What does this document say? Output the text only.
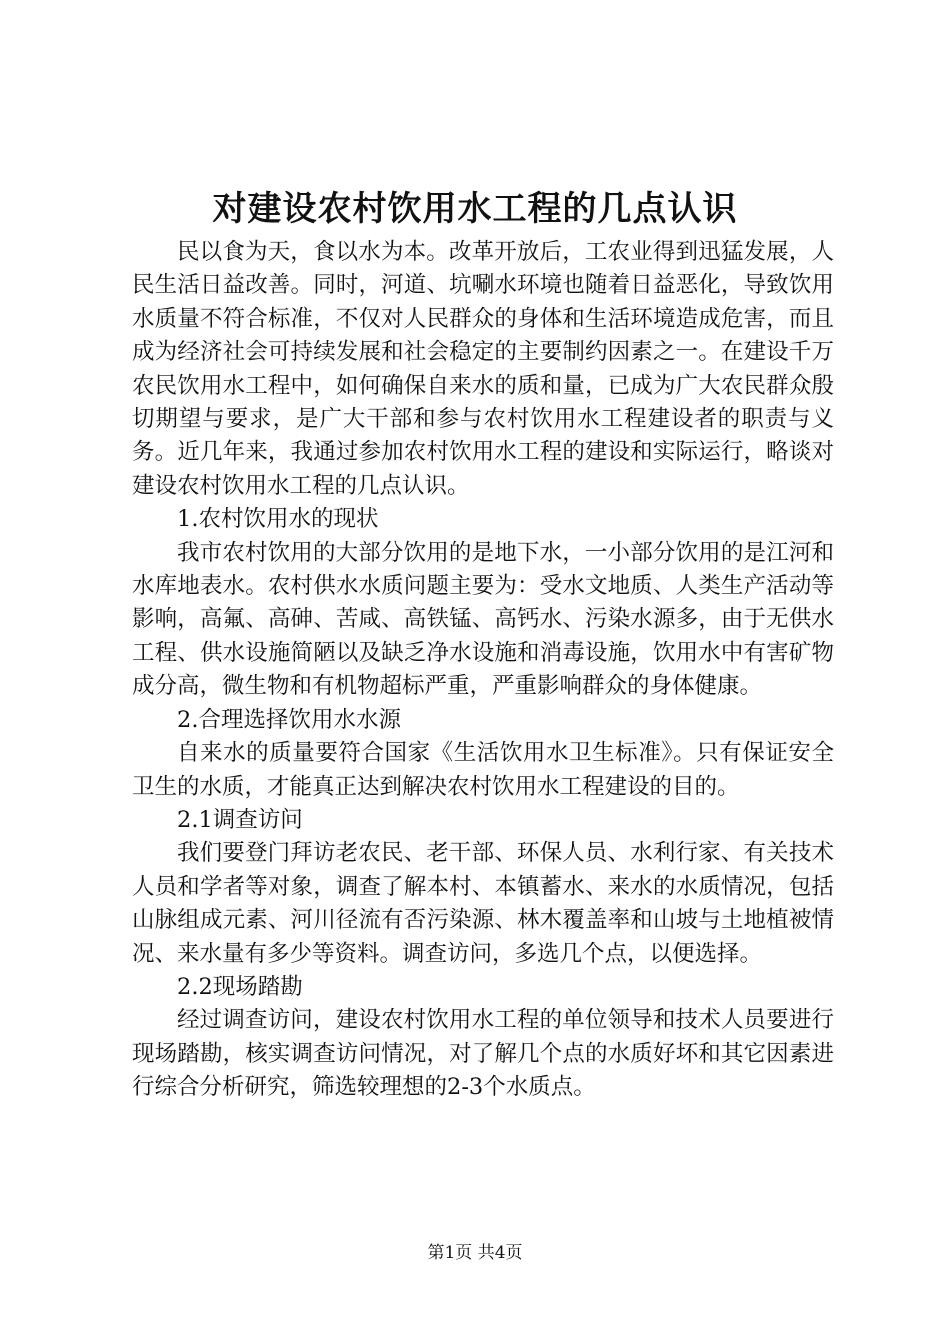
对建设农村饮用水工程的几点认识

民以食为天，食以水为本。改革开放后，工农业得到迅猛发展，人民生活日益改善。同时，河道、坑唰水环境也随着日益恶化，导致饮用水质量不符合标准，不仅对人民群众的身体和生活环境造成危害，而且成为经济社会可持续发展和社会稳定的主要制约因素之一。在建设千万农民饮用水工程中，如何确保自来水的质和量，已成为广大农民群众殷切期望与要求，是广大干部和参与农村饮用水工程建设者的职责与义务。近几年来，我通过参加农村饮用水工程的建设和实际运行，略谈对建设农村饮用水工程的几点认识。

1.农村饮用水的现状

我市农村饮用的大部分饮用的是地下水，一小部分饮用的是江河和水库地表水。农村供水水质问题主要为：受水文地质、人类生产活动等影响，高氟、高砷、苦咸、高铁锰、高钙水、污染水源多，由于无供水工程、供水设施简陋以及缺乏净水设施和消毒设施，饮用水中有害矿物成分高，微生物和有机物超标严重，严重影响群众的身体健康。

2.合理选择饮用水水源

自来水的质量要符合国家《生活饮用水卫生标准》。只有保证安全卫生的水质，才能真正达到解决农村饮用水工程建设的目的。

2.1调查访问

我们要登门拜访老农民、老干部、环保人员、水利行家、有关技术人员和学者等对象，调查了解本村、本镇蓄水、来水的水质情况，包括山脉组成元素、河川径流有否污染源、林木覆盖率和山坡与土地植被情况、来水量有多少等资料。调查访问，多选几个点，以便选择。

2.2现场踏勘

经过调查访问，建设农村饮用水工程的单位领导和技术人员要进行现场踏勘，核实调查访问情况，对了解几个点的水质好坏和其它因素进行综合分析研究，筛选较理想的2-3个水质点。

第1页 共4页
